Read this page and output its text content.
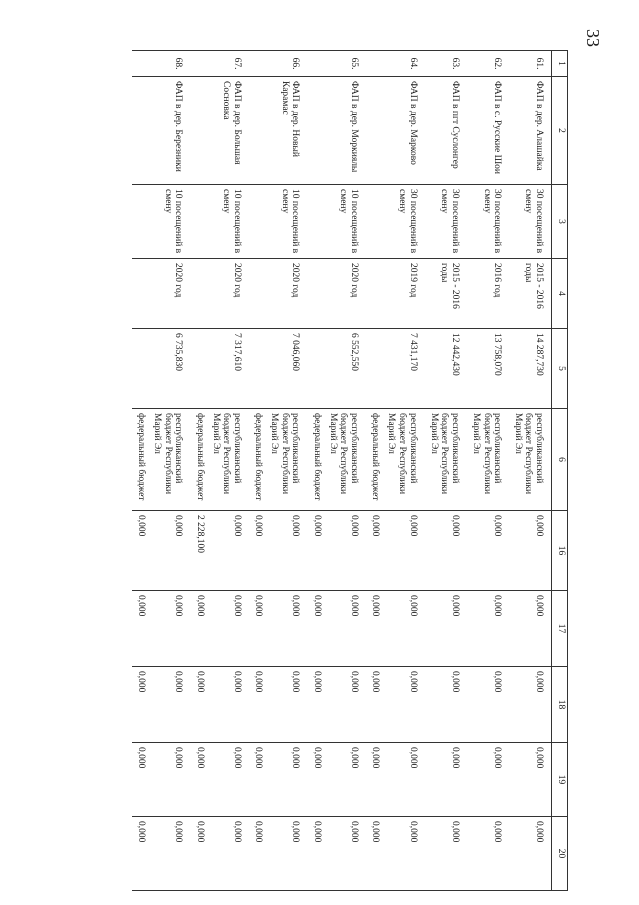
33
1	2	3	4	5	6	16	17	18	19	20
61.	ФАП в дер. Алашайка	30 посещений в смену	2015 - 2016 годы	14 287,730	республиканский бюджет Республики Марий Эл	0,000	0,000	0,000	0,000	0,000
62.	ФАП в с. Русские Шои	30 посещений в смену	2016 год	13 758,070	республиканский бюджет Республики Марий Эл	0,000	0,000	0,000	0,000	0,000
63.	ФАП в пгт Суслонгер	30 посещений в смену	2015 - 2016 годы	12 442,430	республиканский бюджет Республики Марий Эл	0,000	0,000	0,000	0,000	0,000
64.	ФАП в дер. Марково	30 посещений в смену	2019 год	7 431,170	республиканский бюджет Республики Марий Эл	0,000	0,000	0,000	0,000	0,000
					федеральный бюджет	0,000	0,000	0,000	0,000	0,000
65.	ФАП в дер. Моркиялы	10 посещений в смену	2020 год	6 552,550	республиканский бюджет Республики Марий Эл	0,000	0,000	0,000	0,000	0,000
					федеральный бюджет	0,000	0,000	0,000	0,000	0,000
66.	ФАП в дер. Новый Карамас	10 посещений в смену	2020 год	7 046,060	республиканский бюджет Республики Марий Эл	0,000	0,000	0,000	0,000	0,000
					федеральный бюджет	0,000	0,000	0,000	0,000	0,000
67.	ФАП в дер. Большая Сосновка	10 посещений в смену	2020 год	7 317,610	республиканский бюджет Республики Марий Эл	0,000	0,000	0,000	0,000	0,000
					федеральный бюджет	2 228,100	0,000	0,000	0,000	0,000
68.	ФАП в дер. Березники	10 посещений в смену	2020 год	6 735,830	республиканский бюджет Республики Марий Эл	0,000	0,000	0,000	0,000	0,000
					федеральный бюджет	0,000	0,000	0,000	0,000	0,000
